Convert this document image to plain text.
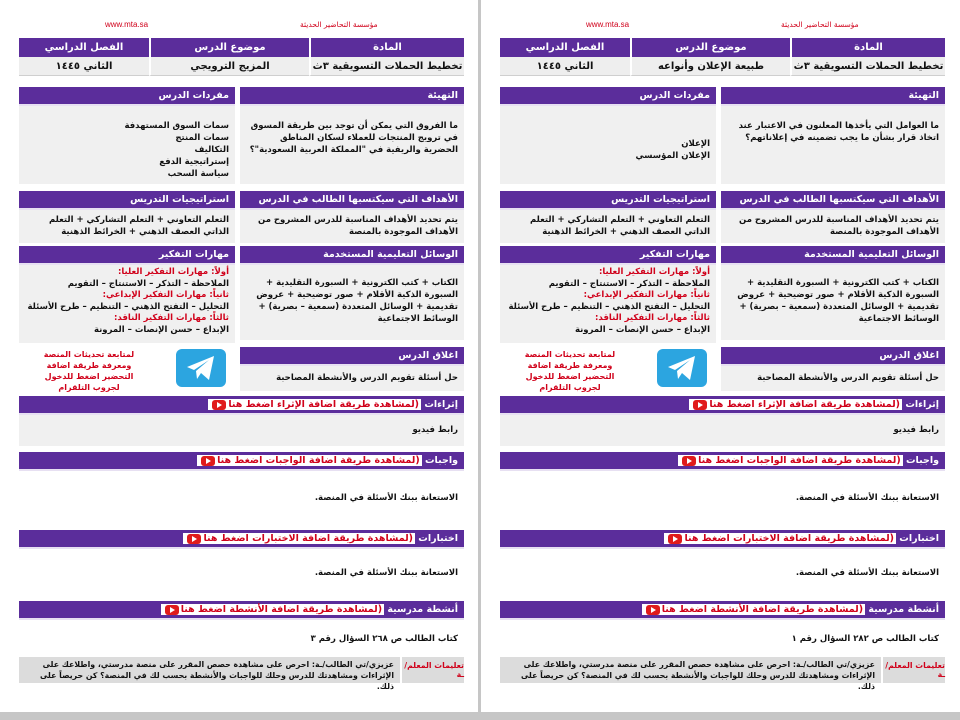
www.mta.sa	مؤسسة التحاضير الحديثة
المادة
موضوع الدرس
الفصل الدراسي
تخطيط الحملات التسويقية ٣ث
المزيج الترويجي
الثاني ١٤٤٥
التهيئة
ما الفروق التي يمكن أن توجد بين طريقة المسوق في ترويج المنتجات للعملاء لسكان المناطق الحضرية والريفية في "المملكة العربية السعودية"؟
مفردات الدرس
سمات السوق المستهدفة
سمات المنتج
التكاليف
إستراتيجية الدفع
سياسة السحب
الأهداف التي سيكتسبها الطالب في الدرس
يتم تحديد الأهداف المناسبة للدرس المشروح من الأهداف الموجودة بالمنصة
استراتيجيات التدريس
التعلم التعاوني + التعلم التشاركي + التعلم الذاتي العصف الذهني + الخرائط الذهنية
الوسائل التعليمية المستخدمة
الكتاب + كتب الكترونية + السبورة التقليدية + السبورة الذكية الأقلام + صور توضيحية + عروض تقديمية + الوسائل المتعددة (سمعية – بصرية) + الوسائط الاجتماعية
مهارات التفكير
أولاً: مهارات التفكير العليا:
الملاحظة – التذكر – الاستنتاج – التقويم
ثانياً: مهارات التفكير الإبداعي:
التحليل – التفتح الذهني – التنظيم – طرح الأسئلة
ثالثاً: مهارات التفكير الناقد:
الإبداع – حسن الإنصات – المرونة
اغلاق الدرس
حل أسئلة تقويم الدرس والأنشطة المصاحبة
لمتابعة تحديثات المنصة ومعرفة طريقة اضافة التحضير اضغط للدخول لجروب التلقرام
إثراءات (لمشاهدة طريقة اضافة الإثراء اضغط هنا
رابط فيديو
واجبات (لمشاهدة طريقة اضافة الواجبات اضغط هنا
الاستعانة ببنك الأسئلة في المنصة.
اختبارات (لمشاهدة طريقة اضافة الاختبارات اضغط هنا
الاستعانة ببنك الأسئلة في المنصة.
أنشطة مدرسية (لمشاهدة طريقة اضافة الأنشطة اضغط هنا
كتاب الطالب ص ٢٦٨ السؤال رقم ٣
تعليمات المعلم/ـة
عزيزي/تي الطالب/ـة: احرص على مشاهدة حصص المقرر على منصة مدرستي، واطلاعك على الإثراءات ومشاهدتك للدرس وحلك للواجبات والأنشطة بحسب لك في المنصة؟ كن حريصاً على ذلك.
www.mta.sa	مؤسسة التحاضير الحديثة
المادة
موضوع الدرس
الفصل الدراسي
تخطيط الحملات التسويقية ٣ث
طبيعة الإعلان وأنواعه
الثاني ١٤٤٥
التهيئة
ما العوامل التي يأخذها المعلنون في الاعتبار عند اتخاذ قرار بشأن ما يجب تضمينه في إعلاناتهم؟
مفردات الدرس
الإعلان
الإعلان المؤسسي
الأهداف التي سيكتسبها الطالب في الدرس
يتم تحديد الأهداف المناسبة للدرس المشروح من الأهداف الموجودة بالمنصة
استراتيجيات التدريس
التعلم التعاوني + التعلم التشاركي + التعلم الذاتي العصف الذهني + الخرائط الذهنية
الوسائل التعليمية المستخدمة
الكتاب + كتب الكترونية + السبورة التقليدية + السبورة الذكية الأقلام + صور توضيحية + عروض تقديمية + الوسائل المتعددة (سمعية – بصرية) + الوسائط الاجتماعية
مهارات التفكير
أولاً: مهارات التفكير العليا:
الملاحظة – التذكر – الاستنتاج – التقويم
ثانياً: مهارات التفكير الإبداعي:
التحليل – التفتح الذهني – التنظيم – طرح الأسئلة
ثالثاً: مهارات التفكير الناقد:
الإبداع – حسن الإنصات – المرونة
اغلاق الدرس
حل أسئلة تقويم الدرس والأنشطة المصاحبة
لمتابعة تحديثات المنصة ومعرفة طريقة اضافة التحضير اضغط للدخول لجروب التلقرام
إثراءات (لمشاهدة طريقة اضافة الإثراء اضغط هنا
رابط فيديو
واجبات (لمشاهدة طريقة اضافة الواجبات اضغط هنا
الاستعانة ببنك الأسئلة في المنصة.
اختبارات (لمشاهدة طريقة اضافة الاختبارات اضغط هنا
الاستعانة ببنك الأسئلة في المنصة.
أنشطة مدرسية (لمشاهدة طريقة اضافة الأنشطة اضغط هنا
كتاب الطالب ص ٢٨٢ السؤال رقم ١
تعليمات المعلم/ـة
عزيزي/تي الطالب/ـة: احرص على مشاهدة حصص المقرر على منصة مدرستي، واطلاعك على الإثراءات ومشاهدتك للدرس وحلك للواجبات والأنشطة بحسب لك في المنصة؟ كن حريصاً على ذلك.
